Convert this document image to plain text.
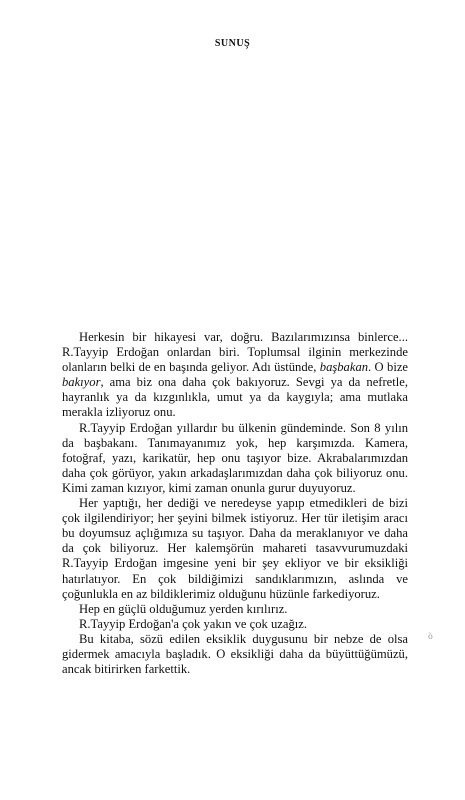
SUNUŞ

Herkesin bir hikayesi var, doğru. Bazılarımızınsa binlerce... R.Tayyip Erdoğan onlardan biri. Toplumsal ilginin merkezinde olanların belki de en başında geliyor. Adı üstünde, başbakan. O bize bakıyor, ama biz ona daha çok bakıyoruz. Sevgi ya da nefretle, hayranlık ya da kızgınlıkla, umut ya da kaygıyla; ama mutlaka merakla izliyoruz onu.

R.Tayyip Erdoğan yıllardır bu ülkenin gündeminde. Son 8 yılın da başbakanı. Tanımayanımız yok, hep karşımızda. Kamera, fotoğraf, yazı, karikatür, hep onu taşıyor bize. Akrabalarımızdan daha çok görüyor, yakın arkadaşlarımızdan daha çok biliyoruz onu. Kimi zaman kızıyor, kimi zaman onunla gurur duyuyoruz.

Her yaptığı, her dediği ve neredeyse yapıp etmedikleri de bizi çok ilgilendiriyor; her şeyini bilmek istiyoruz. Her tür iletişim aracı bu doyumsuz açlığımıza su taşıyor. Daha da meraklanıyor ve daha da çok biliyoruz. Her kalemşörün mahareti tasavvurumuzdaki R.Tayyip Erdoğan imgesine yeni bir şey ekliyor ve bir eksikliği hatırlatıyor. En çok bildiğimizi sandıklarımızın, aslında ve çoğunlukla en az bildiklerimiz olduğunu hüzünle farkediyoruz.

Hep en güçlü olduğumuz yerden kırılırız.

R.Tayyip Erdoğan'a çok yakın ve çok uzağız.

Bu kitaba, sözü edilen eksiklik duygusunu bir nebze de olsa gidermek amacıyla başladık. O eksikliği daha da büyüttüğümüzü, ancak bitirirken farkettik.

ò
